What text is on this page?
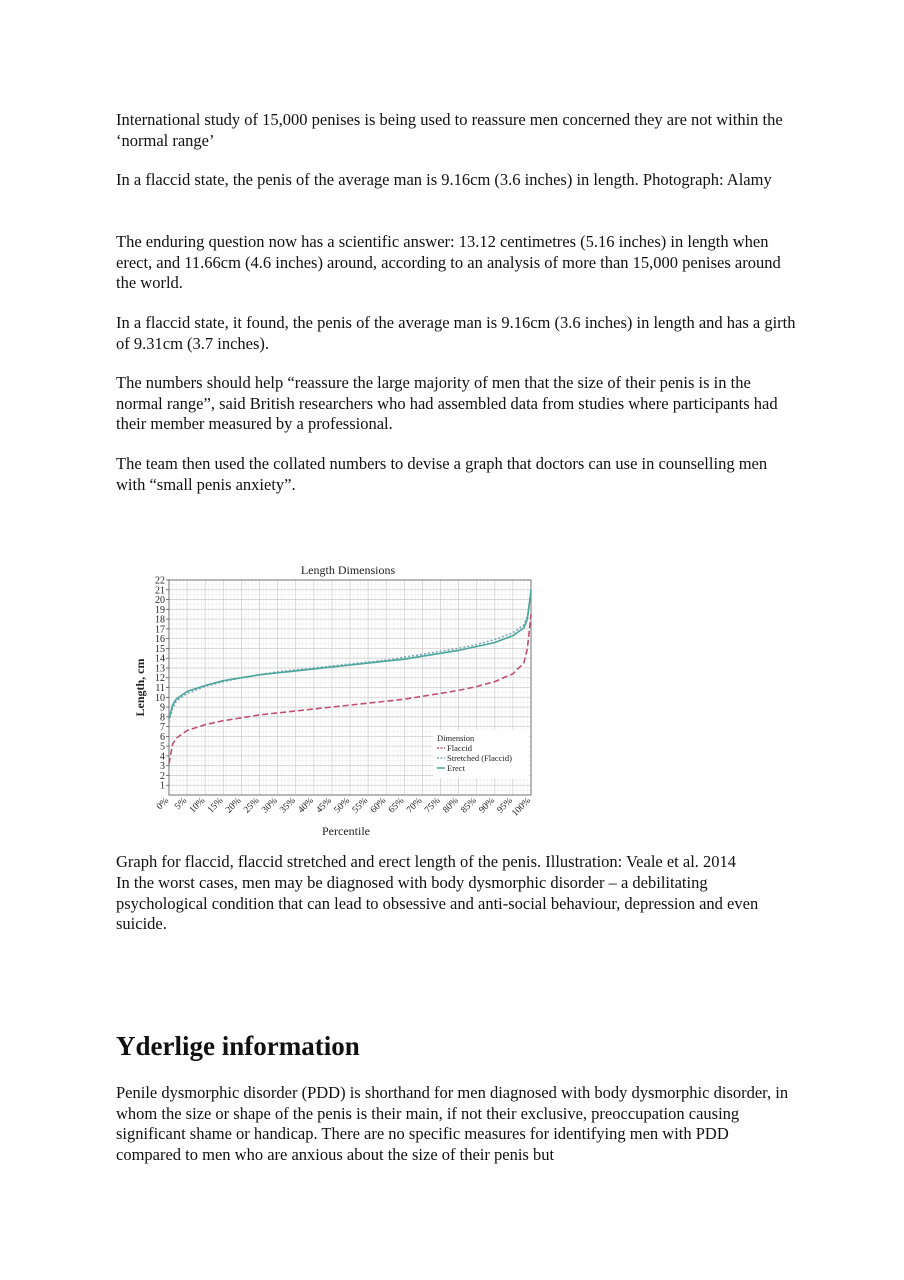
International study of 15,000 penises is being used to reassure men concerned they are not within the ‘normal range’

In a flaccid state, the penis of the average man is 9.16cm (3.6 inches) in length. Photograph: Alamy

The enduring question now has a scientific answer: 13.12 centimetres (5.16 inches) in length when erect, and 11.66cm (4.6 inches) around, according to an analysis of more than 15,000 penises around the world.

In a flaccid state, it found, the penis of the average man is 9.16cm (3.6 inches) in length and has a girth of 9.31cm (3.7 inches).

The numbers should help “reassure the large majority of men that the size of their penis is in the normal range”, said British researchers who had assembled data from studies where participants had their member measured by a professional.

The team then used the collated numbers to devise a graph that doctors can use in counselling men with “small penis anxiety”.

1
2
3
4
5
6
7
8
9
10
11
12
13
14
15
16
17
18
19
20
21
22
0% 5%
10%
15%
20%
25%
30%
35%
40%
45%
50%
55%
60%
65%
70%
75%
80%
85%
90%
95%
100%
Length Dimensions
Percentile
Length, cm
Dimension
Flaccid
Stretched (Flaccid)
Erect

Graph for flaccid, flaccid stretched and erect length of the penis. Illustration: Veale et al. 2014

In the worst cases, men may be diagnosed with body dysmorphic disorder – a debilitating psychological condition that can lead to obsessive and anti-social behaviour, depression and even suicide.

Yderlige information

Penile dysmorphic disorder (PDD) is shorthand for men diagnosed with body dysmorphic disorder, in whom the size or shape of the penis is their main, if not their exclusive, preoccupation causing significant shame or handicap. There are no specific measures for identifying men with PDD compared to men who are anxious about the size of their penis but
